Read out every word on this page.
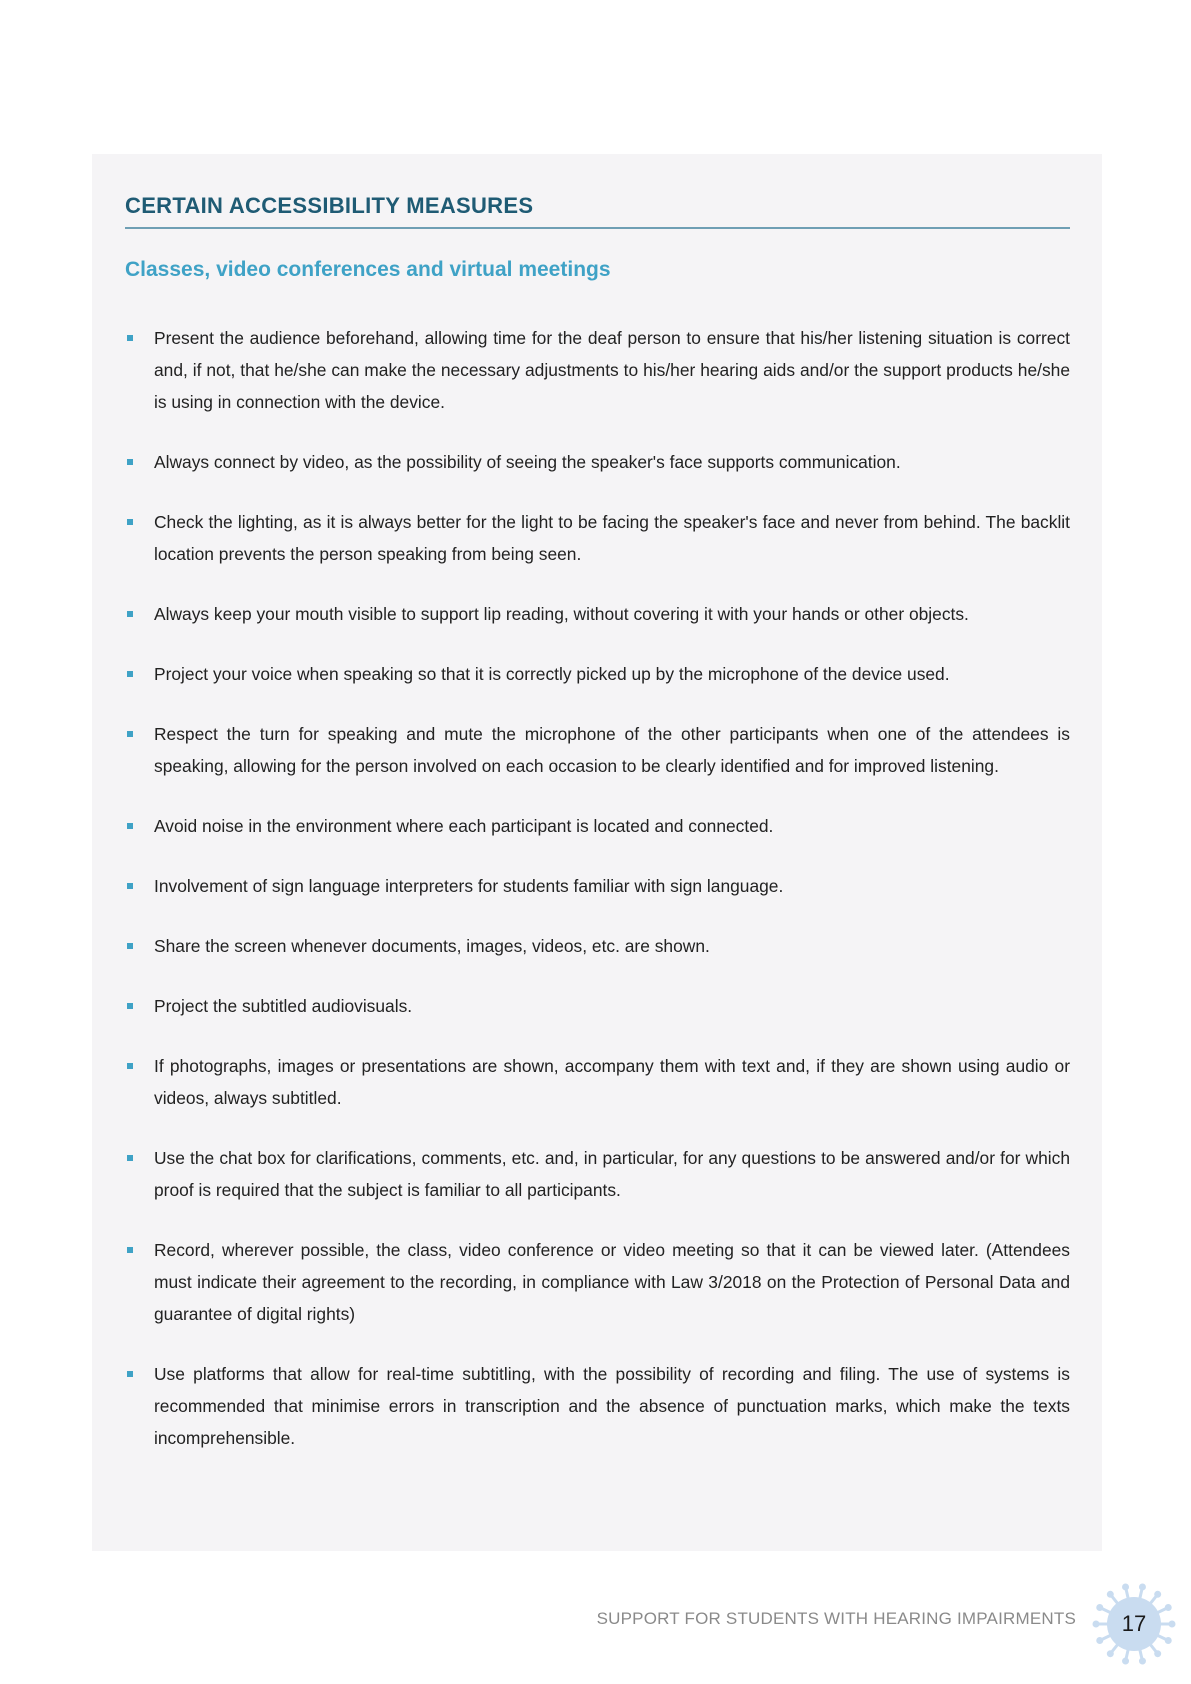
CERTAIN ACCESSIBILITY MEASURES
Classes, video conferences and virtual meetings
Present the audience beforehand, allowing time for the deaf person to ensure that his/her listening situation is correct and, if not, that he/she can make the necessary adjustments to his/her hearing aids and/or the support products he/she is using in connection with the device.
Always connect by video, as the possibility of seeing the speaker's face supports communication.
Check the lighting, as it is always better for the light to be facing the speaker's face and never from behind. The backlit location prevents the person speaking from being seen.
Always keep your mouth visible to support lip reading, without covering it with your hands or other objects.
Project your voice when speaking so that it is correctly picked up by the microphone of the device used.
Respect the turn for speaking and mute the microphone of the other participants when one of the attendees is speaking, allowing for the person involved on each occasion to be clearly identified and for improved listening.
Avoid noise in the environment where each participant is located and connected.
Involvement of sign language interpreters for students familiar with sign language.
Share the screen whenever documents, images, videos, etc. are shown.
Project the subtitled audiovisuals.
If photographs, images or presentations are shown, accompany them with text and, if they are shown using audio or videos, always subtitled.
Use the chat box for clarifications, comments, etc. and, in particular, for any questions to be answered and/or for which proof is required that the subject is familiar to all participants.
Record, wherever possible, the class, video conference or video meeting so that it can be viewed later. (Attendees must indicate their agreement to the recording, in compliance with Law 3/2018 on the Protection of Personal Data and guarantee of digital rights)
Use platforms that allow for real-time subtitling, with the possibility of recording and filing. The use of systems is recommended that minimise errors in transcription and the absence of punctuation marks, which make the texts incomprehensible.
SUPPORT FOR STUDENTS WITH HEARING IMPAIRMENTS	17
